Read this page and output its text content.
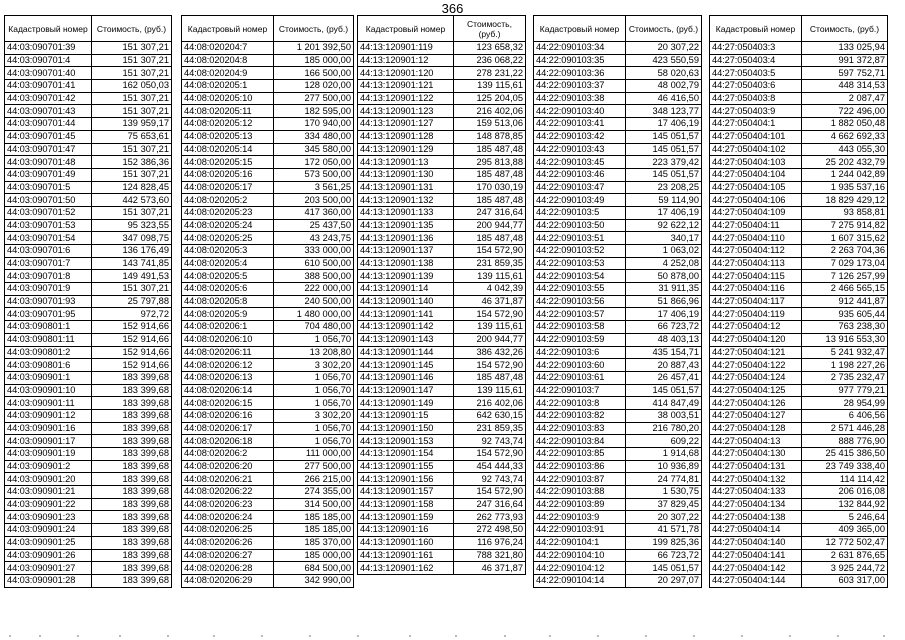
366
Кадастровый номер	Стоимость, (руб.)
44:03:090701:39	151 307,21
44:03:090701:4	151 307,21
44:03:090701:40	151 307,21
44:03:090701:41	162 050,03
44:03:090701:42	151 307,21
44:03:090701:43	151 307,21
44:03:090701:44	139 959,17
44:03:090701:45	75 653,61
44:03:090701:47	151 307,21
44:03:090701:48	152 386,36
44:03:090701:49	151 307,21
44:03:090701:5	124 828,45
44:03:090701:50	442 573,60
44:03:090701:52	151 307,21
44:03:090701:53	95 323,55
44:03:090701:54	347 098,75
44:03:090701:6	136 176,49
44:03:090701:7	143 741,85
44:03:090701:8	149 491,53
44:03:090701:9	151 307,21
44:03:090701:93	25 797,88
44:03:090701:95	972,72
44:03:090801:1	152 914,66
44:03:090801:11	152 914,66
44:03:090801:2	152 914,66
44:03:090801:6	152 914,66
44:03:090901:1	183 399,68
44:03:090901:10	183 399,68
44:03:090901:11	183 399,68
44:03:090901:12	183 399,68
44:03:090901:16	183 399,68
44:03:090901:17	183 399,68
44:03:090901:19	183 399,68
44:03:090901:2	183 399,68
44:03:090901:20	183 399,68
44:03:090901:21	183 399,68
44:03:090901:22	183 399,68
44:03:090901:23	183 399,68
44:03:090901:24	183 399,68
44:03:090901:25	183 399,68
44:03:090901:26	183 399,68
44:03:090901:27	183 399,68
44:03:090901:28	183 399,68
Кадастровый номер	Стоимость, (руб.)
44:08:020204:7	1 201 392,50
44:08:020204:8	185 000,00
44:08:020204:9	166 500,00
44:08:020205:1	128 020,00
44:08:020205:10	277 500,00
44:08:020205:11	182 595,00
44:08:020205:12	170 940,00
44:08:020205:13	334 480,00
44:08:020205:14	345 580,00
44:08:020205:15	172 050,00
44:08:020205:16	573 500,00
44:08:020205:17	3 561,25
44:08:020205:2	203 500,00
44:08:020205:23	417 360,00
44:08:020205:24	25 437,50
44:08:020205:25	43 243,75
44:08:020205:3	333 000,00
44:08:020205:4	610 500,00
44:08:020205:5	388 500,00
44:08:020205:6	222 000,00
44:08:020205:8	240 500,00
44:08:020205:9	1 480 000,00
44:08:020206:1	704 480,00
44:08:020206:10	1 056,70
44:08:020206:11	13 208,80
44:08:020206:12	3 302,20
44:08:020206:13	1 056,70
44:08:020206:14	1 056,70
44:08:020206:15	1 056,70
44:08:020206:16	3 302,20
44:08:020206:17	1 056,70
44:08:020206:18	1 056,70
44:08:020206:2	111 000,00
44:08:020206:20	277 500,00
44:08:020206:21	266 215,00
44:08:020206:22	274 355,00
44:08:020206:23	314 500,00
44:08:020206:24	185 185,00
44:08:020206:25	185 185,00
44:08:020206:26	185 370,00
44:08:020206:27	185 000,00
44:08:020206:28	684 500,00
44:08:020206:29	342 990,00
Кадастровый номер	Стоимость, (руб.)
44:13:120901:119	123 658,32
44:13:120901:12	236 068,22
44:13:120901:120	278 231,22
44:13:120901:121	139 115,61
44:13:120901:122	125 204,05
44:13:120901:123	216 402,06
44:13:120901:127	159 513,06
44:13:120901:128	148 878,85
44:13:120901:129	185 487,48
44:13:120901:13	295 813,88
44:13:120901:130	185 487,48
44:13:120901:131	170 030,19
44:13:120901:132	185 487,48
44:13:120901:133	247 316,64
44:13:120901:135	200 944,77
44:13:120901:136	185 487,48
44:13:120901:137	154 572,90
44:13:120901:138	231 859,35
44:13:120901:139	139 115,61
44:13:120901:14	4 042,39
44:13:120901:140	46 371,87
44:13:120901:141	154 572,90
44:13:120901:142	139 115,61
44:13:120901:143	200 944,77
44:13:120901:144	386 432,26
44:13:120901:145	154 572,90
44:13:120901:146	185 487,48
44:13:120901:147	139 115,61
44:13:120901:149	216 402,06
44:13:120901:15	642 630,15
44:13:120901:150	231 859,35
44:13:120901:153	92 743,74
44:13:120901:154	154 572,90
44:13:120901:155	454 444,33
44:13:120901:156	92 743,74
44:13:120901:157	154 572,90
44:13:120901:158	247 316,64
44:13:120901:159	262 773,93
44:13:120901:16	272 498,50
44:13:120901:160	116 976,24
44:13:120901:161	788 321,80
44:13:120901:162	46 371,87
Кадастровый номер	Стоимость, (руб.)
44:22:090103:34	20 307,22
44:22:090103:35	423 550,59
44:22:090103:36	58 020,63
44:22:090103:37	48 002,79
44:22:090103:38	46 416,50
44:22:090103:40	348 123,77
44:22:090103:41	17 406,19
44:22:090103:42	145 051,57
44:22:090103:43	145 051,57
44:22:090103:45	223 379,42
44:22:090103:46	145 051,57
44:22:090103:47	23 208,25
44:22:090103:49	59 114,90
44:22:090103:5	17 406,19
44:22:090103:50	92 622,12
44:22:090103:51	340,17
44:22:090103:52	1 063,02
44:22:090103:53	4 252,08
44:22:090103:54	50 878,00
44:22:090103:55	31 911,35
44:22:090103:56	51 866,96
44:22:090103:57	17 406,19
44:22:090103:58	66 723,72
44:22:090103:59	48 403,13
44:22:090103:6	435 154,71
44:22:090103:60	20 887,43
44:22:090103:61	26 457,41
44:22:090103:7	145 051,57
44:22:090103:8	414 847,49
44:22:090103:82	38 003,51
44:22:090103:83	216 780,20
44:22:090103:84	609,22
44:22:090103:85	1 914,68
44:22:090103:86	10 936,89
44:22:090103:87	24 774,81
44:22:090103:88	1 530,75
44:22:090103:89	37 829,45
44:22:090103:9	20 307,22
44:22:090103:91	41 571,78
44:22:090104:1	199 825,36
44:22:090104:10	66 723,72
44:22:090104:12	145 051,57
44:22:090104:14	20 297,07
Кадастровый номер	Стоимость, (руб.)
44:27:050403:3	133 025,94
44:27:050403:4	991 372,87
44:27:050403:5	597 752,71
44:27:050403:6	448 314,53
44:27:050403:8	2 087,47
44:27:050403:9	722 496,00
44:27:050404:1	1 882 050,48
44:27:050404:101	4 662 692,33
44:27:050404:102	443 055,30
44:27:050404:103	25 202 432,79
44:27:050404:104	1 244 042,89
44:27:050404:105	1 935 537,16
44:27:050404:106	18 829 429,12
44:27:050404:109	93 858,81
44:27:050404:11	7 275 914,82
44:27:050404:110	1 607 315,62
44:27:050404:112	2 263 704,36
44:27:050404:113	7 029 173,04
44:27:050404:115	7 126 257,99
44:27:050404:116	2 466 565,15
44:27:050404:117	912 441,87
44:27:050404:119	935 605,44
44:27:050404:12	763 238,30
44:27:050404:120	13 916 553,30
44:27:050404:121	5 241 932,47
44:27:050404:122	1 198 227,26
44:27:050404:124	2 735 232,47
44:27:050404:125	977 779,21
44:27:050404:126	28 954,99
44:27:050404:127	6 406,56
44:27:050404:128	2 571 446,28
44:27:050404:13	888 776,90
44:27:050404:130	25 415 386,50
44:27:050404:131	23 749 338,40
44:27:050404:132	114 114,42
44:27:050404:133	206 016,08
44:27:050404:134	132 844,92
44:27:050404:138	5 246,64
44:27:050404:14	409 365,00
44:27:050404:140	12 772 502,47
44:27:050404:141	2 631 876,65
44:27:050404:142	3 925 244,72
44:27:050404:144	603 317,00
